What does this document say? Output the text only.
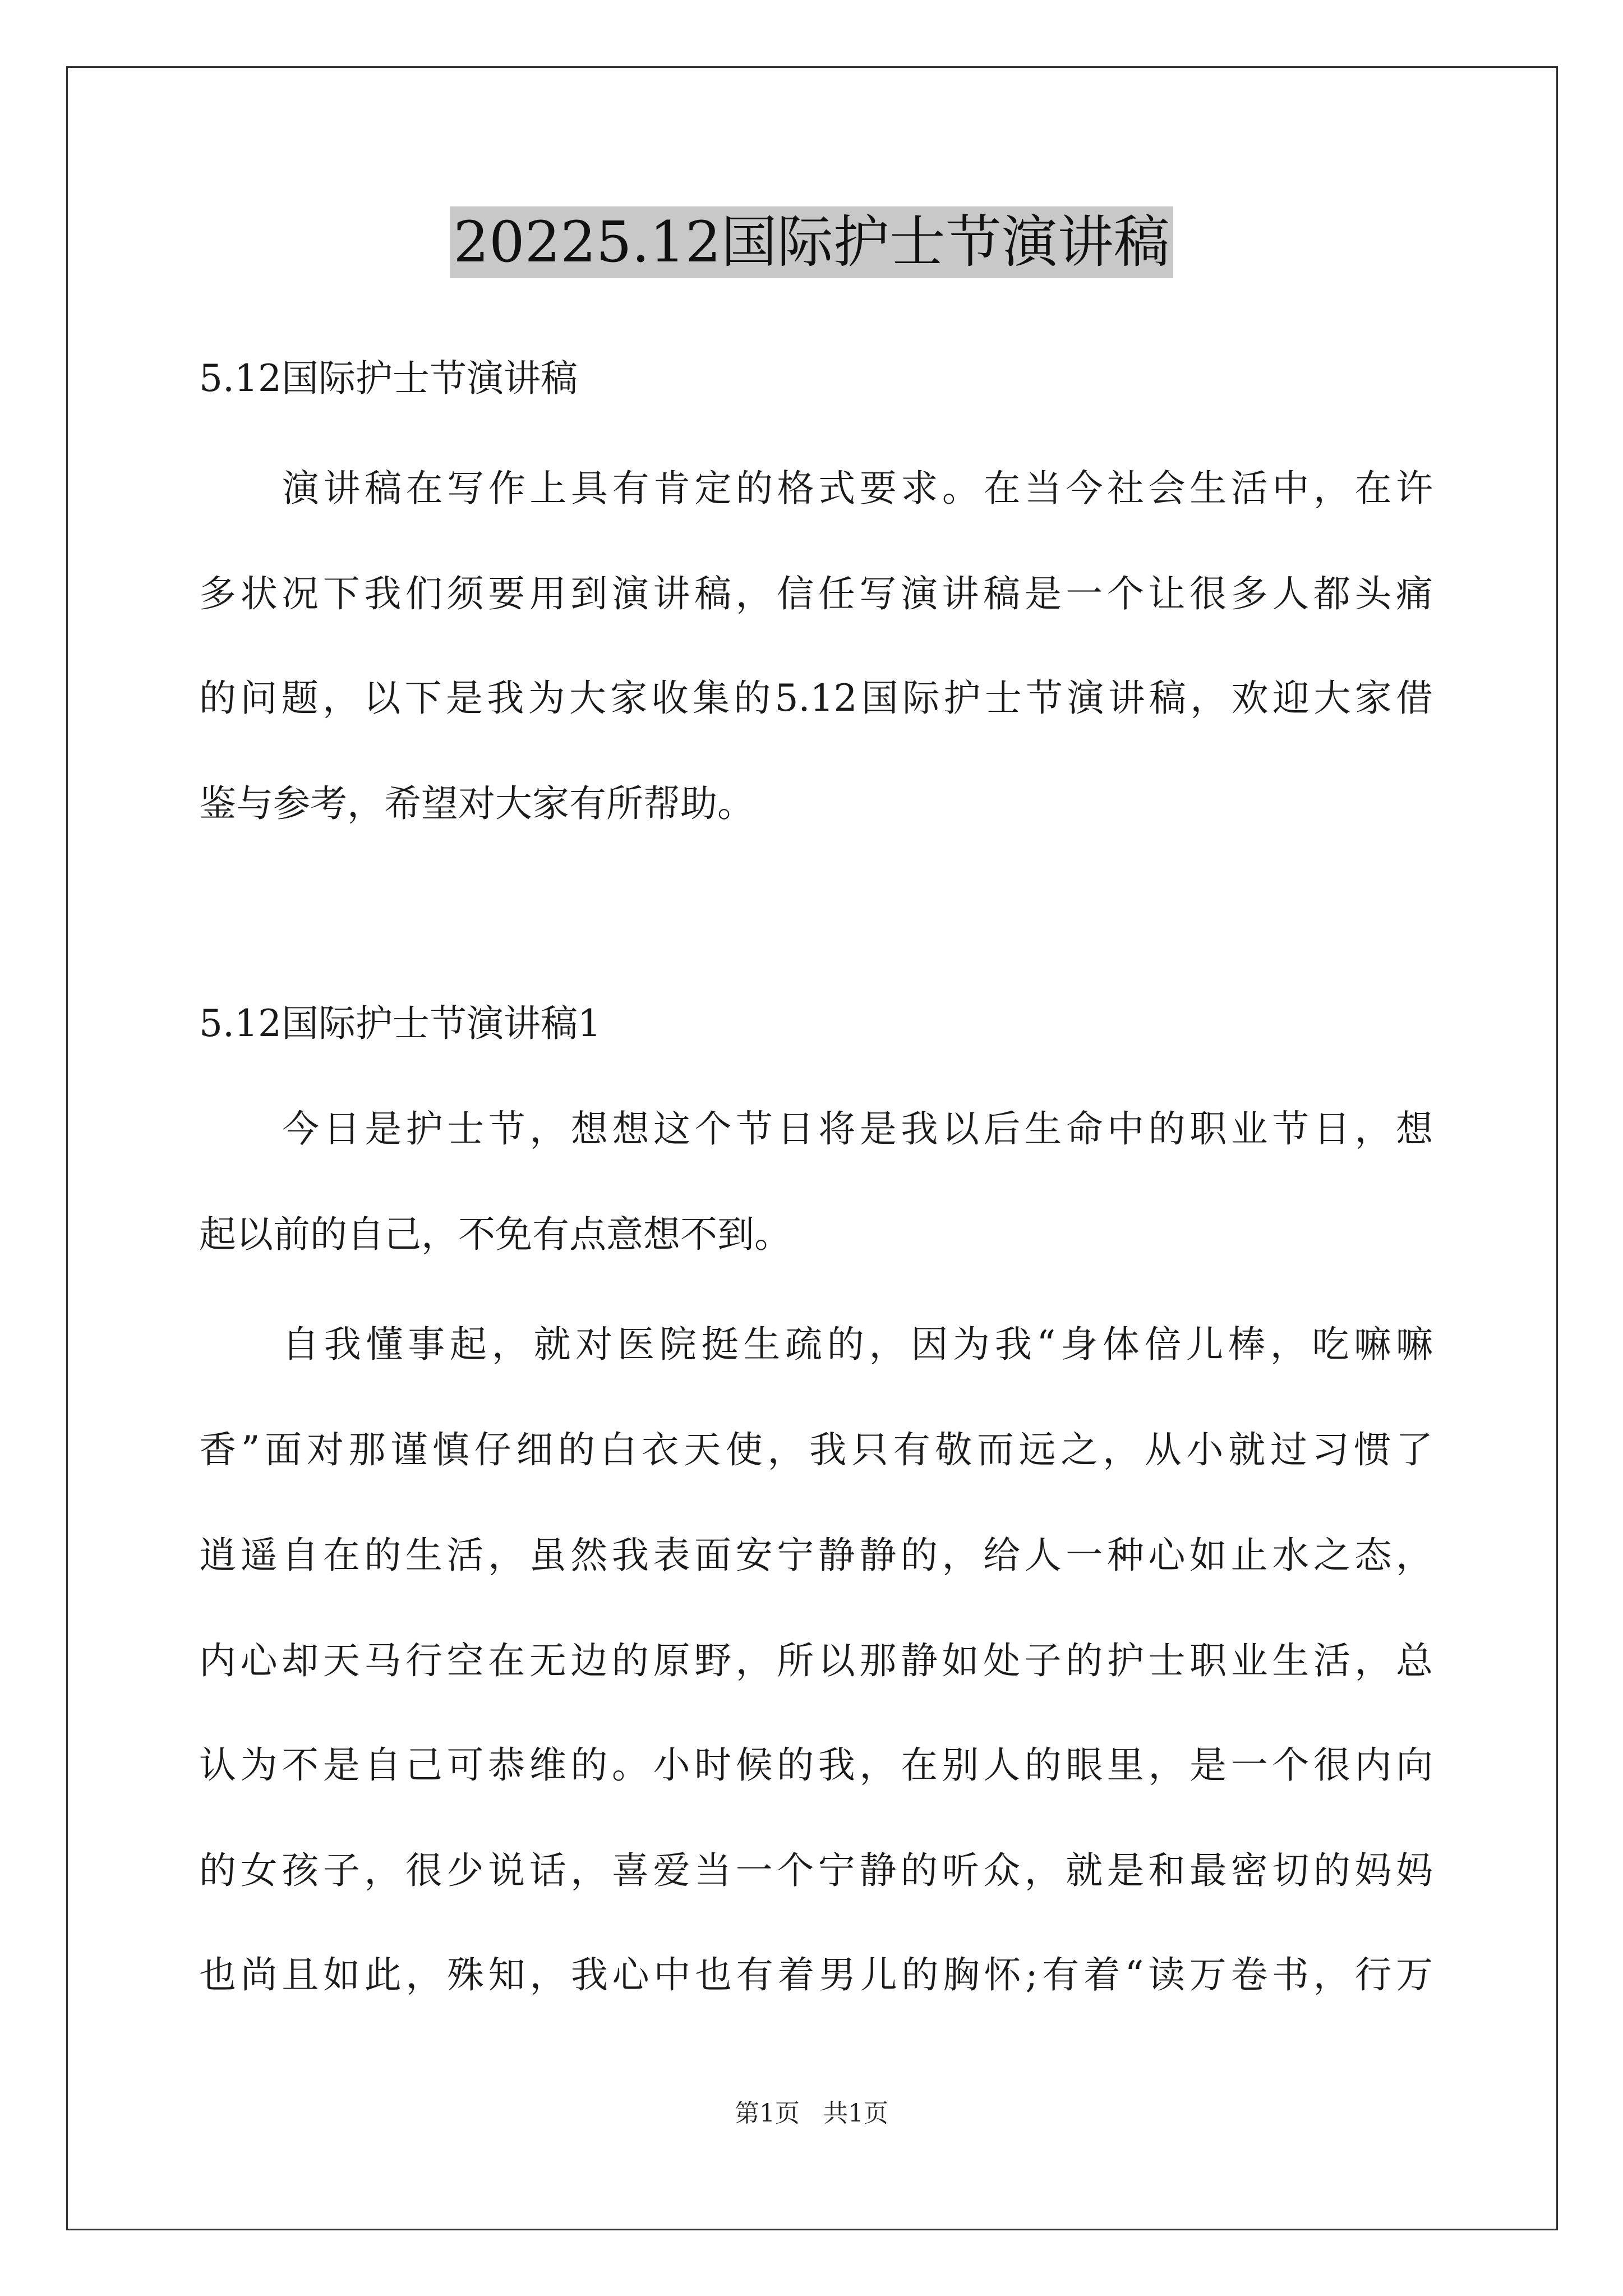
20225.12国际护士节演讲稿
5.12国际护士节演讲稿
演讲稿在写作上具有肯定的格式要求。在当今社会生活中，在许
多状况下我们须要用到演讲稿，信任写演讲稿是一个让很多人都头痛
的问题，以下是我为大家收集的5.12国际护士节演讲稿，欢迎大家借
鉴与参考，希望对大家有所帮助。
5.12国际护士节演讲稿1
今日是护士节，想想这个节日将是我以后生命中的职业节日，想
起以前的自己，不免有点意想不到。
自我懂事起，就对医院挺生疏的，因为我“身体倍儿棒，吃嘛嘛
香”面对那谨慎仔细的白衣天使，我只有敬而远之，从小就过习惯了
逍遥自在的生活，虽然我表面安宁静静的，给人一种心如止水之态，
内心却天马行空在无边的原野，所以那静如处子的护士职业生活，总
认为不是自己可恭维的。小时候的我，在别人的眼里，是一个很内向
的女孩子，很少说话，喜爱当一个宁静的听众，就是和最密切的妈妈
也尚且如此，殊知，我心中也有着男儿的胸怀;有着“读万卷书，行万
第1页 共1页
